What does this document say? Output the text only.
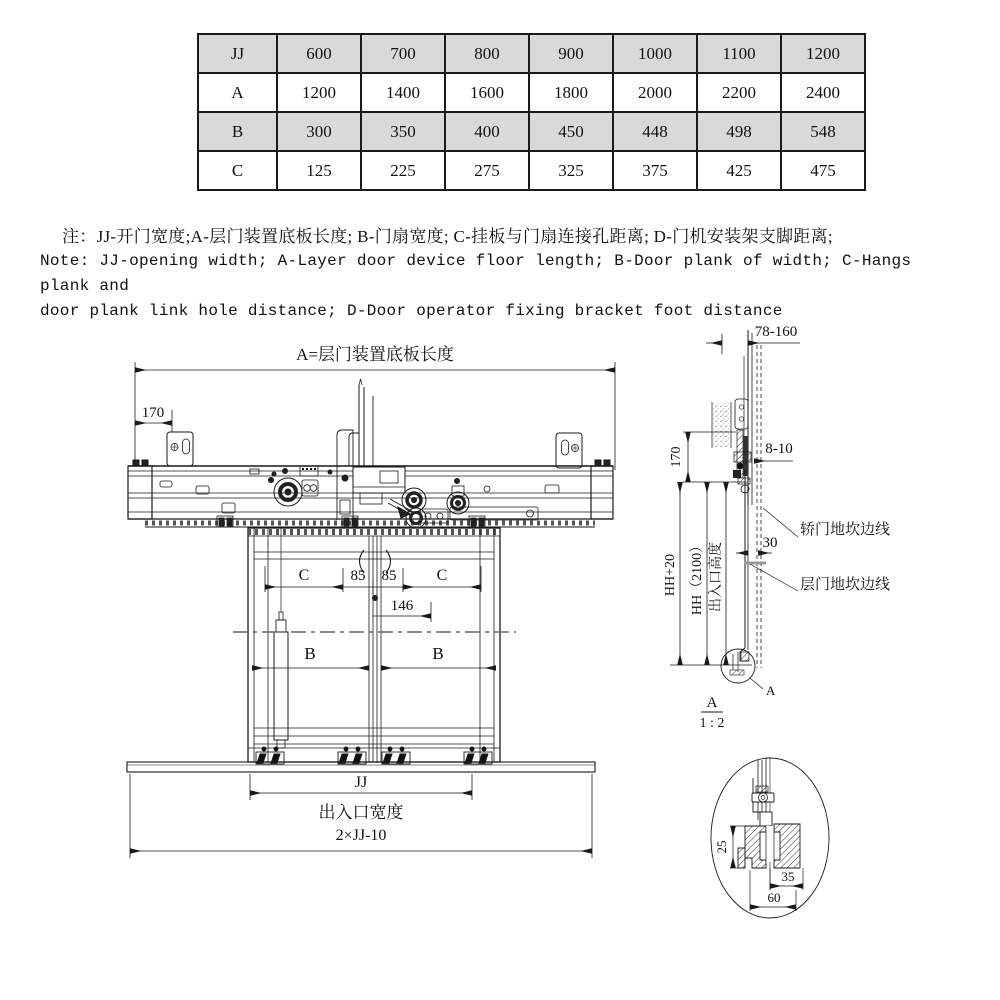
JJ	600	700	800	900	1000	1100	1200
A	1200	1400	1600	1800	2000	2200	2400
B	300	350	400	450	448	498	548
C	125	225	275	325	375	425	475
注：JJ-开门宽度;A-层门装置底板长度; B-门扇宽度; C-挂板与门扇连接孔距离; D-门机安装架支脚距离;
Note: JJ-opening width; A-Layer door device floor length; B-Door plank of width; C-Hangs plank and
door plank link hole distance; D-Door operator fixing bracket foot distance
A=层门装置底板长度
170
C	85 85	C
146
B	B
JJ
出入口宽度
2×JJ-10
78-160
8-10
170
HH+20 HH（2100） 出入口高度	30
轿门地坎边线
层门地坎边线
A
A
1 : 2
25
35
60
